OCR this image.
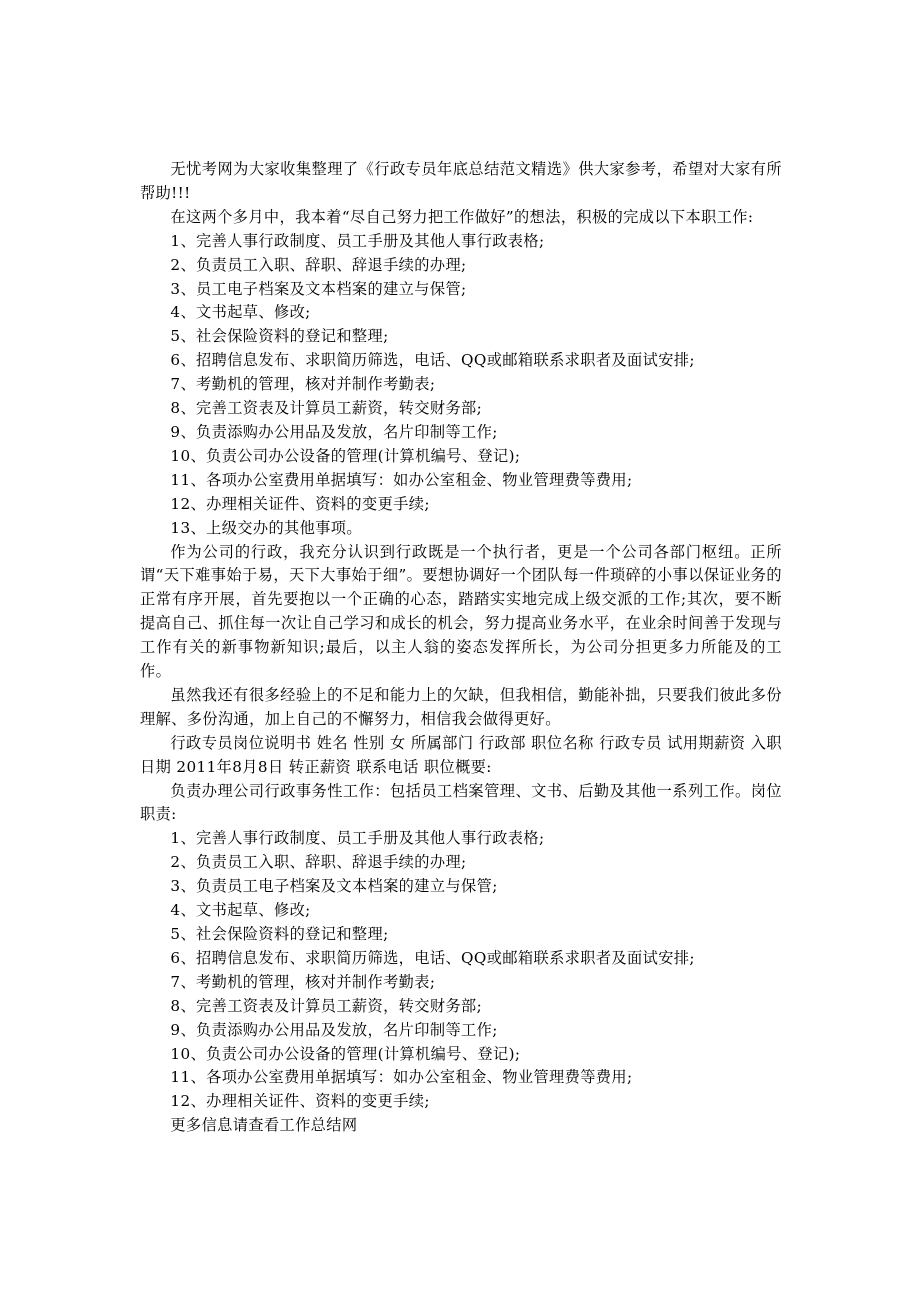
无忧考网为大家收集整理了《行政专员年底总结范文精选》供大家参考，希望对大家有所帮助!!!

在这两个多月中，我本着“尽自己努力把工作做好”的想法，积极的完成以下本职工作:

1、完善人事行政制度、员工手册及其他人事行政表格;

2、负责员工入职、辞职、辞退手续的办理;

3、员工电子档案及文本档案的建立与保管;

4、文书起草、修改;

5、社会保险资料的登记和整理;

6、招聘信息发布、求职简历筛选，电话、QQ或邮箱联系求职者及面试安排;

7、考勤机的管理，核对并制作考勤表;

8、完善工资表及计算员工薪资，转交财务部;

9、负责添购办公用品及发放，名片印制等工作;

10、负责公司办公设备的管理(计算机编号、登记);

11、各项办公室费用单据填写：如办公室租金、物业管理费等费用;

12、办理相关证件、资料的变更手续;

13、上级交办的其他事项。

作为公司的行政，我充分认识到行政既是一个执行者，更是一个公司各部门枢纽。正所谓“天下难事始于易，天下大事始于细”。要想协调好一个团队每一件琐碎的小事以保证业务的正常有序开展，首先要抱以一个正确的心态，踏踏实实地完成上级交派的工作;其次，要不断提高自己、抓住每一次让自己学习和成长的机会，努力提高业务水平，在业余时间善于发现与工作有关的新事物新知识;最后，以主人翁的姿态发挥所长，为公司分担更多力所能及的工作。

虽然我还有很多经验上的不足和能力上的欠缺，但我相信，勤能补拙，只要我们彼此多份理解、多份沟通，加上自己的不懈努力，相信我会做得更好。

行政专员岗位说明书 姓名 性别 女 所属部门 行政部 职位名称 行政专员 试用期薪资 入职日期 2011年8月8日 转正薪资 联系电话 职位概要:

负责办理公司行政事务性工作：包括员工档案管理、文书、后勤及其他一系列工作。岗位职责:

1、完善人事行政制度、员工手册及其他人事行政表格;

2、负责员工入职、辞职、辞退手续的办理;

3、负责员工电子档案及文本档案的建立与保管;

4、文书起草、修改;

5、社会保险资料的登记和整理;

6、招聘信息发布、求职简历筛选，电话、QQ或邮箱联系求职者及面试安排;

7、考勤机的管理，核对并制作考勤表;

8、完善工资表及计算员工薪资，转交财务部;

9、负责添购办公用品及发放，名片印制等工作;

10、负责公司办公设备的管理(计算机编号、登记);

11、各项办公室费用单据填写：如办公室租金、物业管理费等费用;

12、办理相关证件、资料的变更手续;

更多信息请查看工作总结网
